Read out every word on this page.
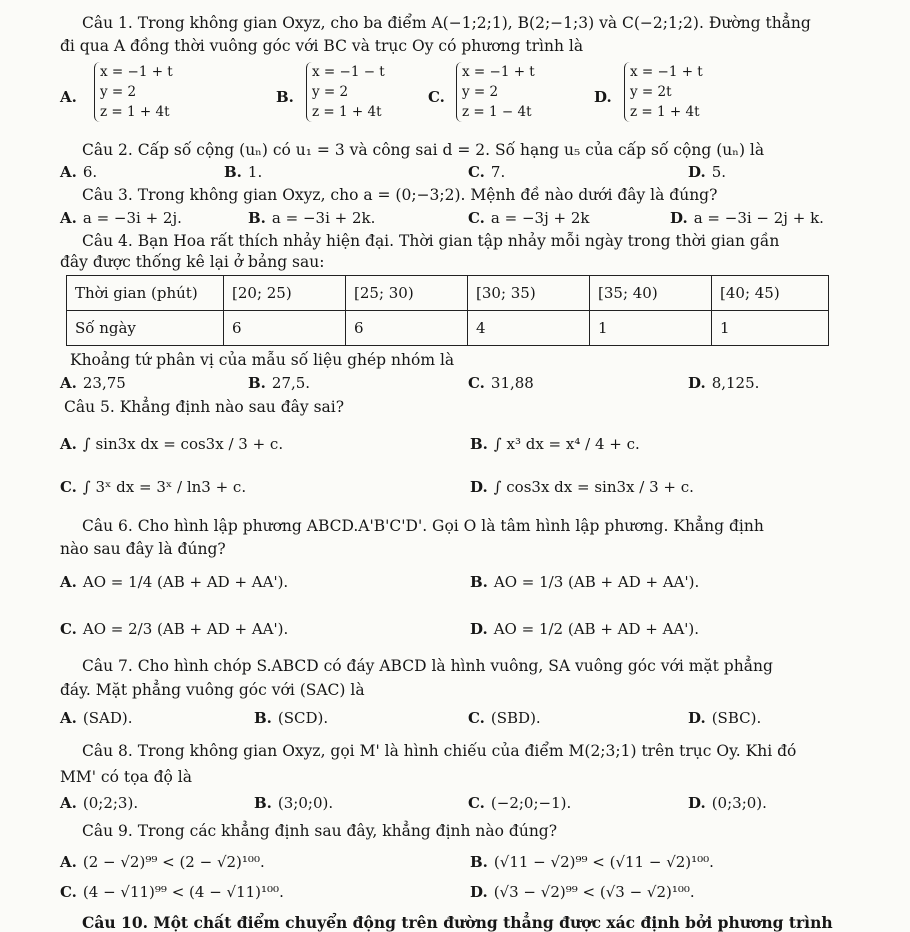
Câu 1. Trong không gian Oxyz, cho ba điểm A(−1;2;1), B(2;−1;3) và C(−2;1;2). Đường thẳng
đi qua A đồng thời vuông góc với BC và trục Oy có phương trình là
A.
x = −1 + t
y = 2
z = 1 + 4t
B.
x = −1 − t
y = 2
z = 1 + 4t
C.
x = −1 + t
y = 2
z = 1 − 4t
D.
x = −1 + t
y = 2t
z = 1 + 4t
Câu 2. Cấp số cộng (uₙ) có u₁ = 3 và công sai d = 2. Số hạng u₅ của cấp số cộng (uₙ) là
A. 6.	B. 1.	C. 7.	D. 5.
Câu 3. Trong không gian Oxyz, cho a = (0;−3;2). Mệnh đề nào dưới đây là đúng?
A. a = −3i + 2j.	B. a = −3i + 2k.	C. a = −3j + 2k	D. a = −3i − 2j + k.
Câu 4. Bạn Hoa rất thích nhảy hiện đại. Thời gian tập nhảy mỗi ngày trong thời gian gần
đây được thống kê lại ở bảng sau:
Thời gian (phút)	[20; 25)	[25; 30)	[30; 35)	[35; 40)	[40; 45)
Số ngày	6	6	4	1	1
Khoảng tứ phân vị của mẫu số liệu ghép nhóm là
A. 23,75	B. 27,5.	C. 31,88	D. 8,125.
Câu 5. Khẳng định nào sau đây sai?
A. ∫ sin3x dx = cos3x / 3 + c.	B. ∫ x³ dx = x⁴ / 4 + c.
C. ∫ 3ˣ dx = 3ˣ / ln3 + c.	D. ∫ cos3x dx = sin3x / 3 + c.
Câu 6. Cho hình lập phương ABCD.A'B'C'D'. Gọi O là tâm hình lập phương. Khẳng định
nào sau đây là đúng?
A. AO = 1/4 (AB + AD + AA').	B. AO = 1/3 (AB + AD + AA').
C. AO = 2/3 (AB + AD + AA').	D. AO = 1/2 (AB + AD + AA').
Câu 7. Cho hình chóp S.ABCD có đáy ABCD là hình vuông, SA vuông góc với mặt phẳng
đáy. Mặt phẳng vuông góc với (SAC) là
A. (SAD).	B. (SCD).	C. (SBD).	D. (SBC).
Câu 8. Trong không gian Oxyz, gọi M' là hình chiếu của điểm M(2;3;1) trên trục Oy. Khi đó
MM' có tọa độ là
A. (0;2;3).	B. (3;0;0).	C. (−2;0;−1).	D. (0;3;0).
Câu 9. Trong các khẳng định sau đây, khẳng định nào đúng?
A. (2 − √2)⁹⁹ < (2 − √2)¹⁰⁰.	B. (√11 − √2)⁹⁹ < (√11 − √2)¹⁰⁰.
C. (4 − √11)⁹⁹ < (4 − √11)¹⁰⁰.	D. (√3 − √2)⁹⁹ < (√3 − √2)¹⁰⁰.
Câu 10. Một chất điểm chuyển động trên đường thẳng được xác định bởi phương trình
